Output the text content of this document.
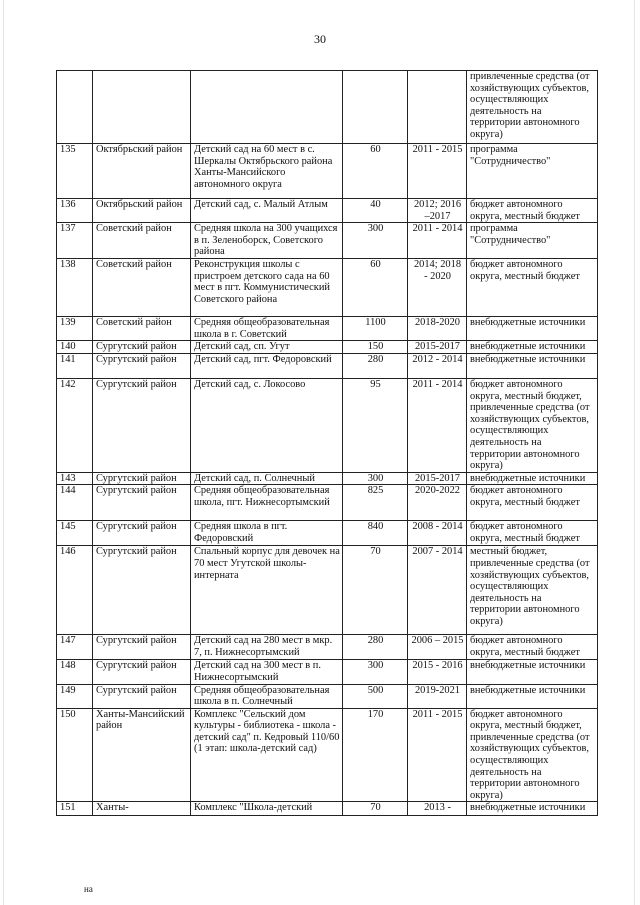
30
					привлеченные средства (от хозяйствующих субъектов, осуществляющих деятельность на территории автономного округа)
135	Октябрьский район	Детский сад на 60 мест в с. Шеркалы Октябрьского района Ханты-Мансийского автономного округа	60	2011 - 2015	программа "Сотрудничество"
136	Октябрьский район	Детский сад, с. Малый Атлым	40	2012; 2016 –2017	бюджет автономного округа, местный бюджет
137	Советский район	Средняя школа на 300 учащихся в п. Зеленоборск, Советского района	300	2011 - 2014	программа "Сотрудничество"
138	Советский район	Реконструкция школы с пристроем детского сада на 60 мест в пгт. Коммунистический Советского района	60	2014; 2018 - 2020	бюджет автономного округа, местный бюджет
139	Советский район	Средняя общеобразовательная школа в г. Советский	1100	2018-2020	внебюджетные источники
140	Сургутский район	Детский сад, сп. Угут	150	2015-2017	внебюджетные источники
141	Сургутский район	Детский сад, пгт. Федоровский	280	2012 - 2014	внебюджетные источники
142	Сургутский район	Детский сад, с. Локосово	95	2011 - 2014	бюджет автономного округа, местный бюджет, привлеченные средства (от хозяйствующих субъектов, осуществляющих деятельность на территории автономного округа)
143	Сургутский район	Детский сад, п. Солнечный	300	2015-2017	внебюджетные источники
144	Сургутский район	Средняя общеобразовательная школа, пгт. Нижнесортымский	825	2020-2022	бюджет автономного округа, местный бюджет
145	Сургутский район	Средняя школа в пгт. Федоровский	840	2008 - 2014	бюджет автономного округа, местный бюджет
146	Сургутский район	Спальный корпус для девочек на 70 мест Угутской школы-интерната	70	2007 - 2014	местный бюджет, привлеченные средства (от хозяйствующих субъектов, осуществляющих деятельность на территории автономного округа)
147	Сургутский район	Детский сад на 280 мест в мкр. 7, п. Нижнесортымский	280	2006 – 2015	бюджет автономного округа, местный бюджет
148	Сургутский район	Детский сад на 300 мест в п. Нижнесортымский	300	2015 - 2016	внебюджетные источники
149	Сургутский район	Средняя общеобразовательная школа в п. Солнечный	500	2019-2021	внебюджетные источники
150	Ханты-Мансийский район	Комплекс "Сельский дом культуры - библиотека - школа - детский сад" п. Кедровый 110/60 (1 этап: школа-детский сад)	170	2011 - 2015	бюджет автономного округа, местный бюджет, привлеченные средства (от хозяйствующих субъектов, осуществляющих деятельность на территории автономного округа)
151	Ханты-	Комплекс "Школа-детский	70	2013 -	внебюджетные источники
на
